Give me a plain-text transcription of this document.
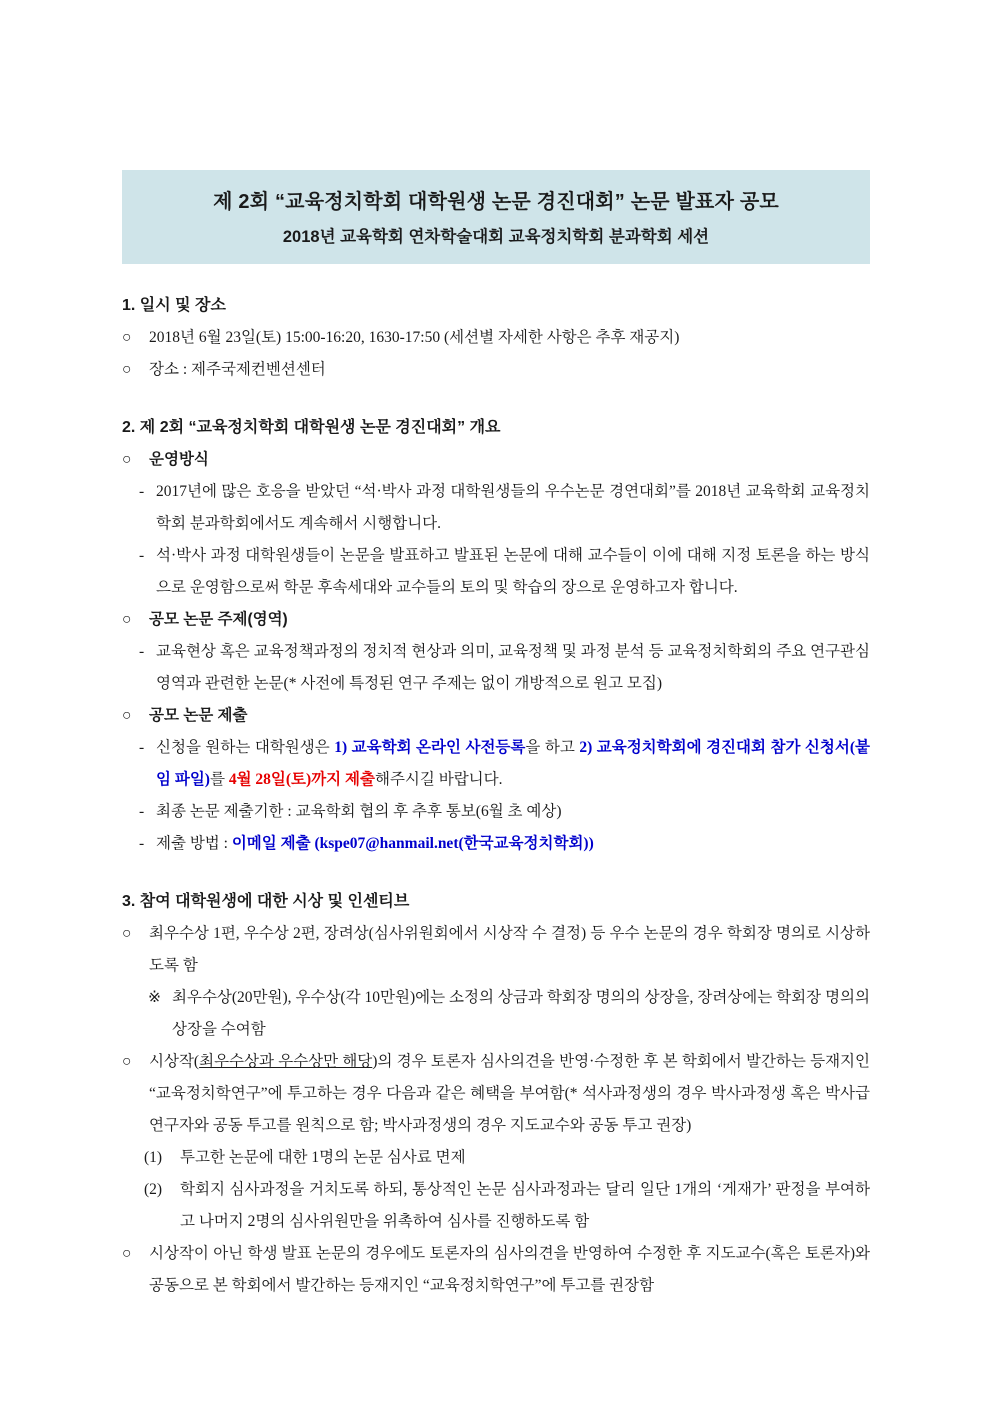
제 2회 “교육정치학회 대학원생 논문 경진대회” 논문 발표자 공모
2018년 교육학회 연차학술대회 교육정치학회 분과학회 세션
1. 일시 및 장소
○	2018년 6월 23일(토) 15:00-16:20, 1630-17:50 (세션별 자세한 사항은 추후 재공지)
○	장소 : 제주국제컨벤션센터
2. 제 2회 “교육정치학회 대학원생 논문 경진대회” 개요
○	운영방식
- 2017년에 많은 호응을 받았던 “석·박사 과정 대학원생들의 우수논문 경연대회”를 2018년 교육학회 교육정치학회 분과학회에서도 계속해서 시행합니다.
- 석·박사 과정 대학원생들이 논문을 발표하고 발표된 논문에 대해 교수들이 이에 대해 지정 토론을 하는 방식으로 운영함으로써 학문 후속세대와 교수들의 토의 및 학습의 장으로 운영하고자 합니다.
○	공모 논문 주제(영역)
- 교육현상 혹은 교육정책과정의 정치적 현상과 의미, 교육정책 및 과정 분석 등 교육정치학회의 주요 연구관심 영역과 관련한 논문(* 사전에 특정된 연구 주제는 없이 개방적으로 원고 모집)
○	공모 논문 제출
- 신청을 원하는 대학원생은 1) 교육학회 온라인 사전등록을 하고 2) 교육정치학회에 경진대회 참가 신청서(붙임 파일)를 4월 28일(토)까지 제출해주시길 바랍니다.
- 최종 논문 제출기한 : 교육학회 협의 후 추후 통보(6월 초 예상)
- 제출 방법 : 이메일 제출 (kspe07@hanmail.net(한국교육정치학회))
3. 참여 대학원생에 대한 시상 및 인센티브
○	최우수상 1편, 우수상 2편, 장려상(심사위원회에서 시상작 수 결정) 등 우수 논문의 경우 학회장 명의로 시상하도록 함
※ 최우수상(20만원), 우수상(각 10만원)에는 소정의 상금과 학회장 명의의 상장을, 장려상에는 학회장 명의의 상장을 수여함
○	시상작(최우수상과 우수상만 해당)의 경우 토론자 심사의견을 반영·수정한 후 본 학회에서 발간하는 등재지인 “교육정치학연구”에 투고하는 경우 다음과 같은 혜택을 부여함(* 석사과정생의 경우 박사과정생 혹은 박사급 연구자와 공동 투고를 원칙으로 함; 박사과정생의 경우 지도교수와 공동 투고 권장)
(1)	투고한 논문에 대한 1명의 논문 심사료 면제
(2)	학회지 심사과정을 거치도록 하되, 통상적인 논문 심사과정과는 달리 일단 1개의 ‘게재가’ 판정을 부여하고 나머지 2명의 심사위원만을 위촉하여 심사를 진행하도록 함
○	시상작이 아닌 학생 발표 논문의 경우에도 토론자의 심사의견을 반영하여 수정한 후 지도교수(혹은 토론자)와 공동으로 본 학회에서 발간하는 등재지인 “교육정치학연구”에 투고를 권장함
